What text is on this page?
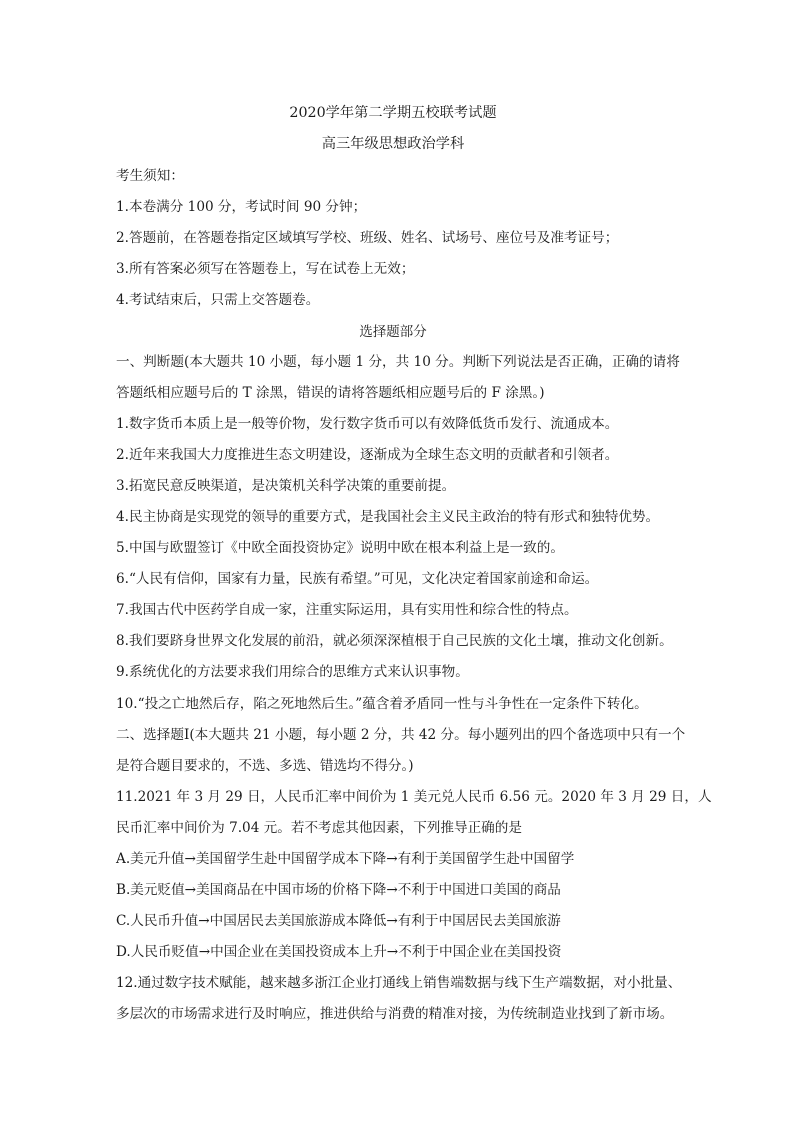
2020学年第二学期五校联考试题
高三年级思想政治学科
考生须知：
1.本卷满分 100 分，考试时间 90 分钟；
2.答题前，在答题卷指定区域填写学校、班级、姓名、试场号、座位号及准考证号；
3.所有答案必须写在答题卷上，写在试卷上无效；
4.考试结束后，只需上交答题卷。
选择题部分
一、判断题(本大题共 10 小题，每小题 1 分，共 10 分。判断下列说法是否正确，正确的请将
答题纸相应题号后的 T 涂黑，错误的请将答题纸相应题号后的 F 涂黑。)
1.数字货币本质上是一般等价物，发行数字货币可以有效降低货币发行、流通成本。
2.近年来我国大力度推进生态文明建设，逐渐成为全球生态文明的贡献者和引领者。
3.拓宽民意反映渠道，是决策机关科学决策的重要前提。
4.民主协商是实现党的领导的重要方式，是我国社会主义民主政治的特有形式和独特优势。
5.中国与欧盟签订《中欧全面投资协定》说明中欧在根本利益上是一致的。
6.“人民有信仰，国家有力量，民族有希望。”可见，文化决定着国家前途和命运。
7.我国古代中医药学自成一家，注重实际运用，具有实用性和综合性的特点。
8.我们要跻身世界文化发展的前沿，就必须深深植根于自己民族的文化土壤，推动文化创新。
9.系统优化的方法要求我们用综合的思维方式来认识事物。
10.“投之亡地然后存，陷之死地然后生。”蕴含着矛盾同一性与斗争性在一定条件下转化。
二、选择题Ⅰ(本大题共 21 小题，每小题 2 分，共 42 分。每小题列出的四个备选项中只有一个
是符合题目要求的，不选、多选、错选均不得分。)
11.2021 年 3 月 29 日，人民币汇率中间价为 1 美元兑人民币 6.56 元。2020 年 3 月 29 日，人
民币汇率中间价为 7.04 元。若不考虑其他因素，下列推导正确的是
A.美元升值→美国留学生赴中国留学成本下降→有利于美国留学生赴中国留学
B.美元贬值→美国商品在中国市场的价格下降→不利于中国进口美国的商品
C.人民币升值→中国居民去美国旅游成本降低→有利于中国居民去美国旅游
D.人民币贬值→中国企业在美国投资成本上升→不利于中国企业在美国投资
12.通过数字技术赋能，越来越多浙江企业打通线上销售端数据与线下生产端数据，对小批量、
多层次的市场需求进行及时响应，推进供给与消费的精准对接，为传统制造业找到了新市场。
